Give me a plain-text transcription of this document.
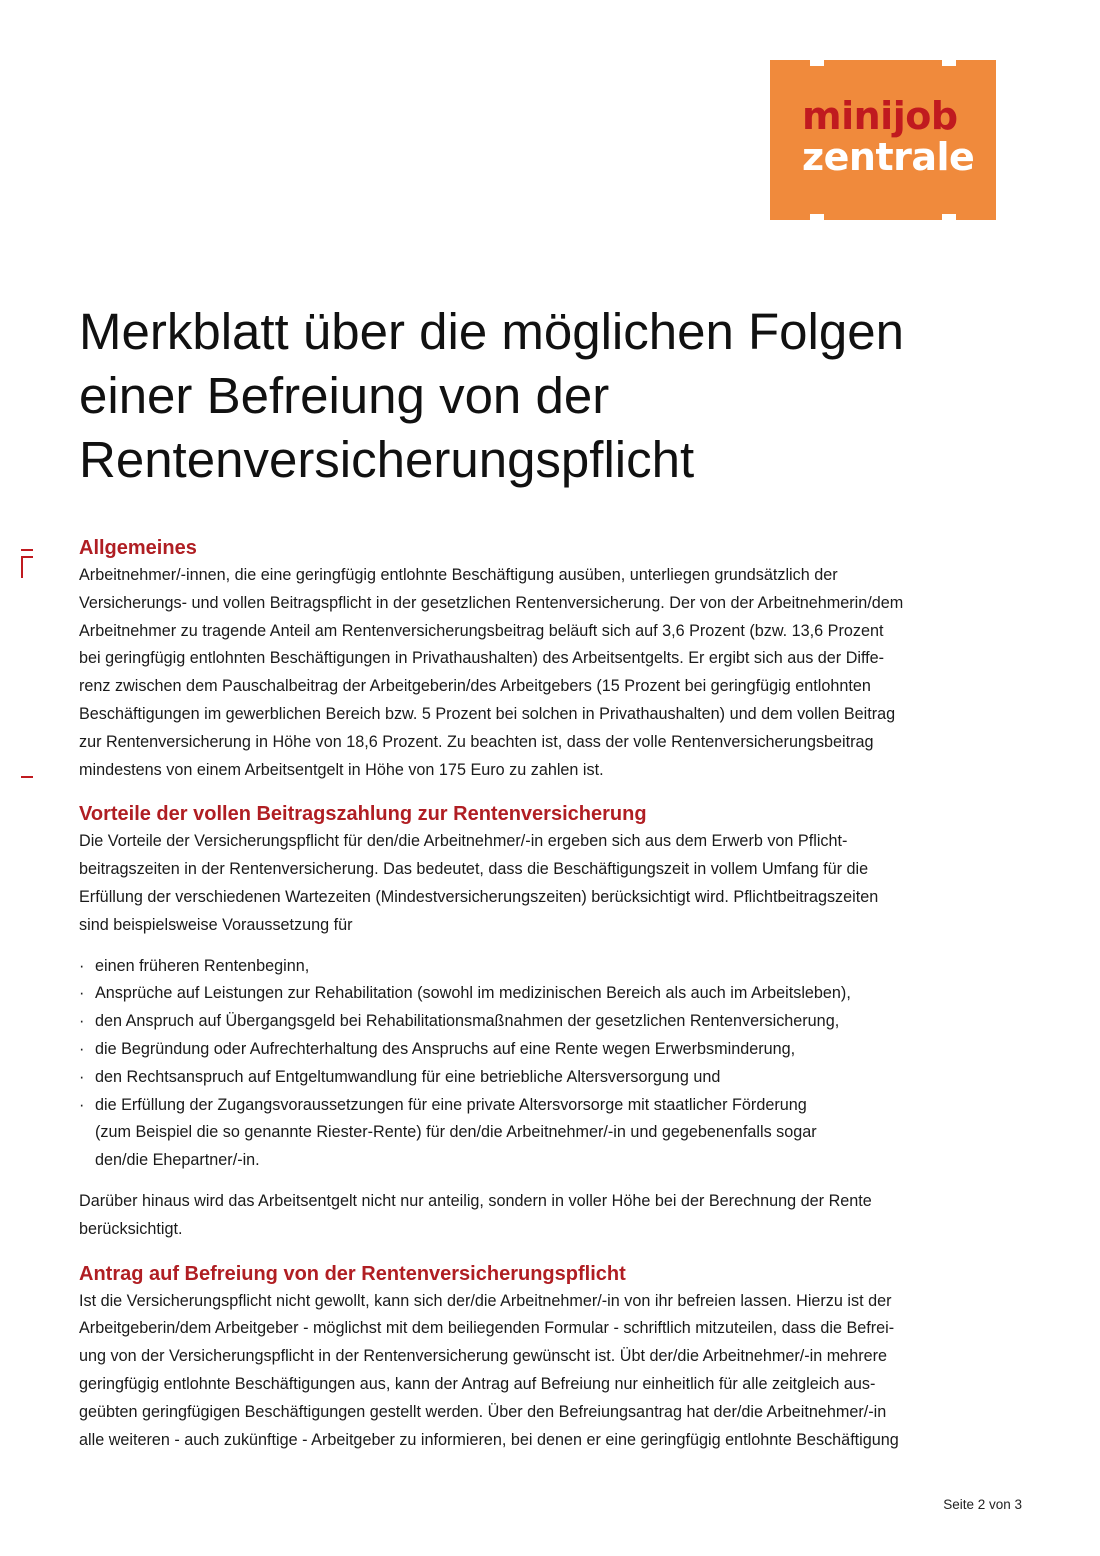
minijob
zentrale
Merkblatt über die möglichen Folgen einer Befreiung von der Rentenversicherungspflicht
Allgemeines

Arbeitnehmer/-innen, die eine geringfügig entlohnte Beschäftigung ausüben, unterliegen grundsätzlich der
Versicherungs- und vollen Beitragspflicht in der gesetzlichen Rentenversicherung. Der von der Arbeitnehmerin/dem
Arbeitnehmer zu tragende Anteil am Rentenversicherungsbeitrag beläuft sich auf 3,6 Prozent (bzw. 13,6 Prozent
bei geringfügig entlohnten Beschäftigungen in Privathaushalten) des Arbeitsentgelts. Er ergibt sich aus der Diffe-
renz zwischen dem Pauschalbeitrag der Arbeitgeberin/des Arbeitgebers (15 Prozent bei geringfügig entlohnten
Beschäftigungen im gewerblichen Bereich bzw. 5 Prozent bei solchen in Privathaushalten) und dem vollen Beitrag
zur Rentenversicherung in Höhe von 18,6 Prozent. Zu beachten ist, dass der volle Rentenversicherungsbeitrag
mindestens von einem Arbeitsentgelt in Höhe von 175 Euro zu zahlen ist.

Vorteile der vollen Beitragszahlung zur Rentenversicherung

Die Vorteile der Versicherungspflicht für den/die Arbeitnehmer/-in ergeben sich aus dem Erwerb von Pflicht-
beitragszeiten in der Rentenversicherung. Das bedeutet, dass die Beschäftigungszeit in vollem Umfang für die
Erfüllung der verschiedenen Wartezeiten (Mindestversicherungszeiten) berücksichtigt wird. Pflichtbeitragszeiten
sind beispielsweise Voraussetzung für

· einen früheren Rentenbeginn,
· Ansprüche auf Leistungen zur Rehabilitation (sowohl im medizinischen Bereich als auch im Arbeitsleben),
· den Anspruch auf Übergangsgeld bei Rehabilitationsmaßnahmen der gesetzlichen Rentenversicherung,
· die Begründung oder Aufrechterhaltung des Anspruchs auf eine Rente wegen Erwerbsminderung,
· den Rechtsanspruch auf Entgeltumwandlung für eine betriebliche Altersversorgung und
· die Erfüllung der Zugangsvoraussetzungen für eine private Altersvorsorge mit staatlicher Förderung
(zum Beispiel die so genannte Riester-Rente) für den/die Arbeitnehmer/-in und gegebenenfalls sogar
den/die Ehepartner/-in.

Darüber hinaus wird das Arbeitsentgelt nicht nur anteilig, sondern in voller Höhe bei der Berechnung der Rente
berücksichtigt.

Antrag auf Befreiung von der Rentenversicherungspflicht

Ist die Versicherungspflicht nicht gewollt, kann sich der/die Arbeitnehmer/-in von ihr befreien lassen. Hierzu ist der
Arbeitgeberin/dem Arbeitgeber - möglichst mit dem beiliegenden Formular - schriftlich mitzuteilen, dass die Befrei-
ung von der Versicherungspflicht in der Rentenversicherung gewünscht ist. Übt der/die Arbeitnehmer/-in mehrere
geringfügig entlohnte Beschäftigungen aus, kann der Antrag auf Befreiung nur einheitlich für alle zeitgleich aus-
geübten geringfügigen Beschäftigungen gestellt werden. Über den Befreiungsantrag hat der/die Arbeitnehmer/-in
alle weiteren - auch zukünftige - Arbeitgeber zu informieren, bei denen er eine geringfügig entlohnte Beschäftigung

Seite 2 von 3
